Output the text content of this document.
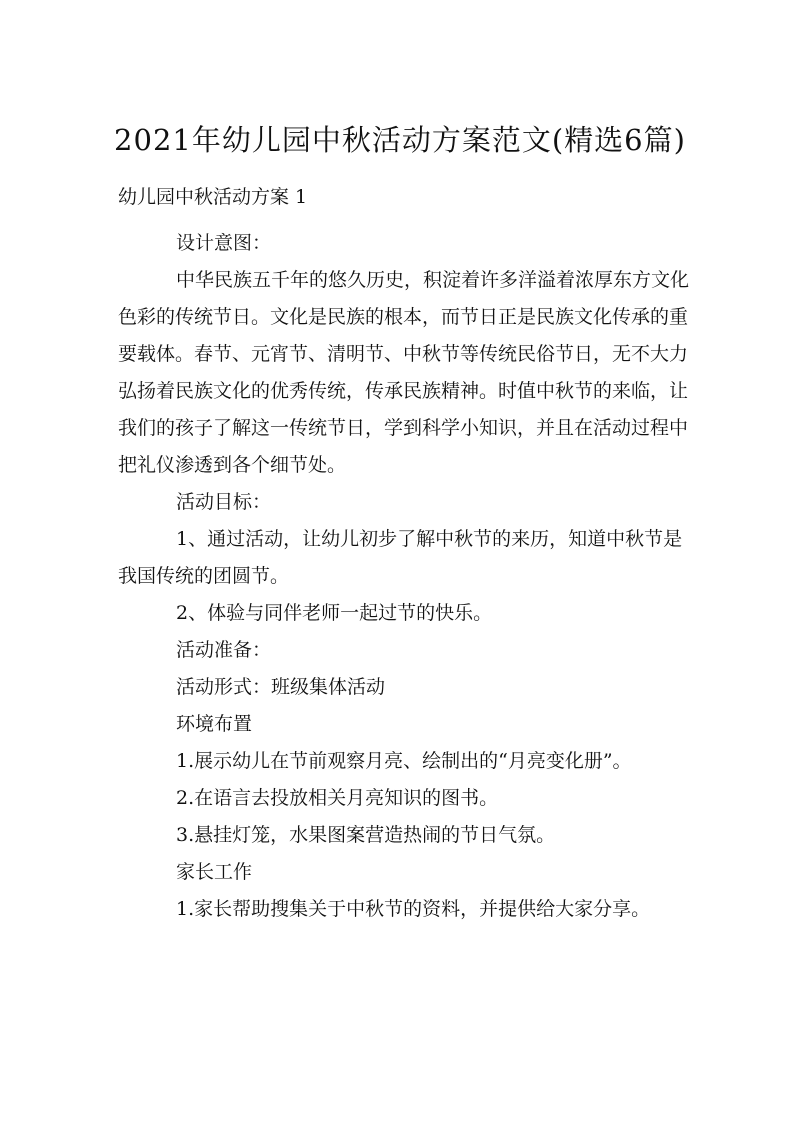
2021年幼儿园中秋活动方案范文(精选6篇)
幼儿园中秋活动方案 1
设计意图：
中华民族五千年的悠久历史，积淀着许多洋溢着浓厚东方文化
色彩的传统节日。文化是民族的根本，而节日正是民族文化传承的重
要载体。春节、元宵节、清明节、中秋节等传统民俗节日，无不大力
弘扬着民族文化的优秀传统，传承民族精神。时值中秋节的来临，让
我们的孩子了解这一传统节日，学到科学小知识，并且在活动过程中
把礼仪渗透到各个细节处。
活动目标：
1、通过活动，让幼儿初步了解中秋节的来历，知道中秋节是
我国传统的团圆节。
2、体验与同伴老师一起过节的快乐。
活动准备：
活动形式：班级集体活动
环境布置
1.展示幼儿在节前观察月亮、绘制出的“月亮变化册”。
2.在语言去投放相关月亮知识的图书。
3.悬挂灯笼，水果图案营造热闹的节日气氛。
家长工作
1.家长帮助搜集关于中秋节的资料，并提供给大家分享。
